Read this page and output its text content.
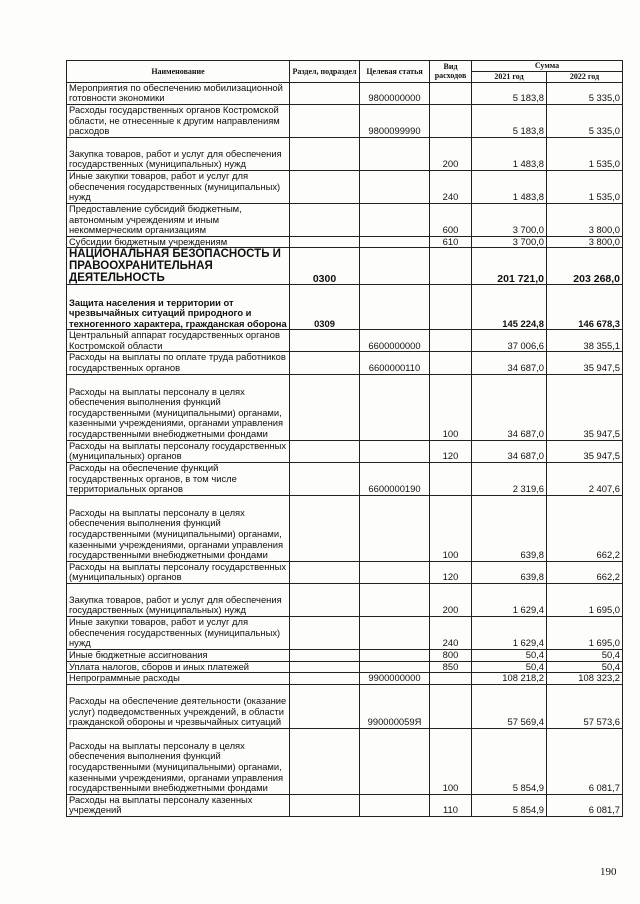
Наименование	Раздел, подраздел	Целевая статья	Вид расходов	Сумма	
				2021 год	2022 год
Мероприятия по обеспечению мобилизационной готовности экономики		9800000000		5 183,8	5 335,0
Расходы государственных органов Костромской области, не отнесенные к другим направлениям расходов		9800099990		5 183,8	5 335,0
Закупка товаров, работ и услуг для обеспечения государственных (муниципальных) нужд			200	1 483,8	1 535,0
Иные закупки товаров, работ и услуг для обеспечения государственных (муниципальных) нужд			240	1 483,8	1 535,0
Предоставление субсидий бюджетным, автономным учреждениям и иным некоммерческим организациям			600	3 700,0	3 800,0
Субсидии бюджетным учреждениям			610	3 700,0	3 800,0
НАЦИОНАЛЬНАЯ БЕЗОПАСНОСТЬ И ПРАВООХРАНИТЕЛЬНАЯ ДЕЯТЕЛЬНОСТЬ	0300			201 721,0	203 268,0
Защита населения и территории от чрезвычайных ситуаций природного и техногенного характера, гражданская оборона	0309			145 224,8	146 678,3
Центральный аппарат государственных органов Костромской области		6600000000		37 006,6	38 355,1
Расходы на выплаты по оплате труда работников государственных органов		6600000110		34 687,0	35 947,5
Расходы на выплаты персоналу в целях обеспечения выполнения функций государственными (муниципальными) органами, казенными учреждениями, органами управления государственными внебюджетными фондами			100	34 687,0	35 947,5
Расходы на выплаты персоналу государственных (муниципальных) органов			120	34 687,0	35 947,5
Расходы на обеспечение функций государственных органов, в том числе территориальных органов		6600000190		2 319,6	2 407,6
Расходы на выплаты персоналу в целях обеспечения выполнения функций государственными (муниципальными) органами, казенными учреждениями, органами управления государственными внебюджетными фондами			100	639,8	662,2
Расходы на выплаты персоналу государственных (муниципальных) органов			120	639,8	662,2
Закупка товаров, работ и услуг для обеспечения государственных (муниципальных) нужд			200	1 629,4	1 695,0
Иные закупки товаров, работ и услуг для обеспечения государственных (муниципальных) нужд			240	1 629,4	1 695,0
Иные бюджетные ассигнования			800	50,4	50,4
Уплата налогов, сборов и иных платежей			850	50,4	50,4
Непрограммные расходы		9900000000		108 218,2	108 323,2
Расходы на обеспечение деятельности (оказание услуг) подведомственных учреждений, в области гражданской обороны и чрезвычайных ситуаций		990000059Я		57 569,4	57 573,6
Расходы на выплаты персоналу в целях обеспечения выполнения функций государственными (муниципальными) органами, казенными учреждениями, органами управления государственными внебюджетными фондами			100	5 854,9	6 081,7
Расходы на выплаты персоналу казенных учреждений			110	5 854,9	6 081,7
190
